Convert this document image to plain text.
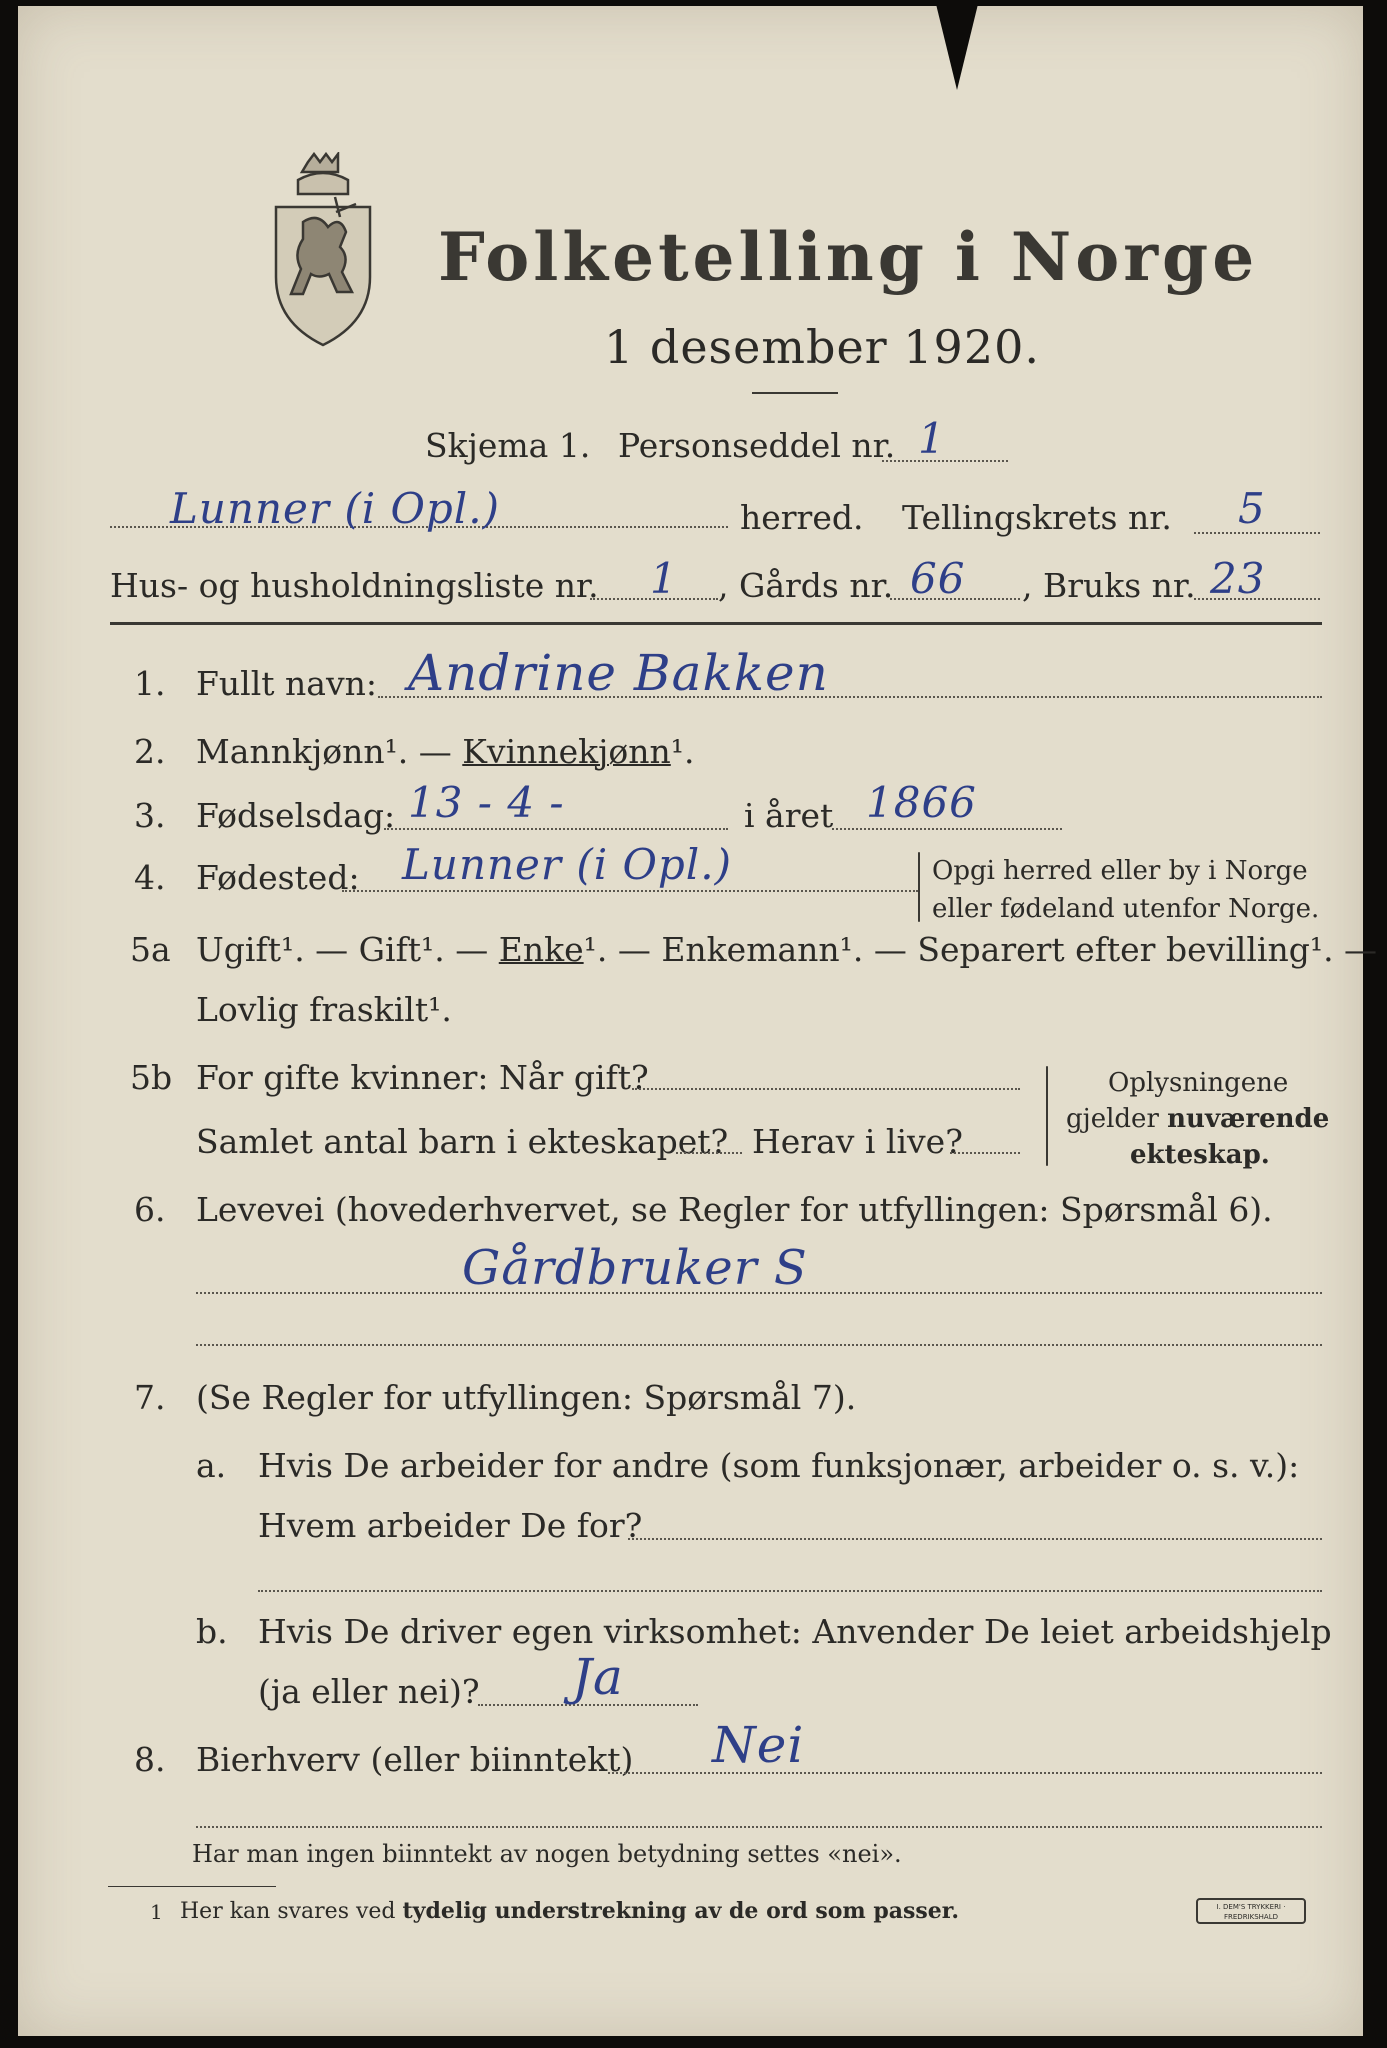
Folketelling i Norge
1 desember 1920.
Skjema 1. Personseddel nr. 1
Lunner (i Opl.)	herred. Tellingskrets nr. 5
Hus- og husholdningsliste nr. 1 , Gårds nr. 66 , Bruks nr. 23
1. Fullt navn: Andrine Bakken
2. Mannkjønn¹. — Kvinnekjønn¹.
3. Fødselsdag: 13 - 4 -	i året 1866
4. Fødested: Lunner (i Opl.)	Opgi herred eller by i Norge
eller fødeland utenfor Norge.
5a Ugift¹. — Gift¹. — Enke¹. — Enkemann¹. — Separert efter bevilling¹. —
Lovlig fraskilt¹.
5b For gifte kvinner: Når gift?
Samlet antal barn i ekteskapet? Herav i live?
Oplysningene
gjelder nuværende
ekteskap.
6. Levevei (hovederhvervet, se Regler for utfyllingen: Spørsmål 6).
Gårdbruker S
7. (Se Regler for utfyllingen: Spørsmål 7).
a. Hvis De arbeider for andre (som funksjonær, arbeider o. s. v.):
Hvem arbeider De for?
b. Hvis De driver egen virksomhet: Anvender De leiet arbeidshjelp
(ja eller nei)? Ja
8. Bierhverv (eller biinntekt) Nei
Har man ingen biinntekt av nogen betydning settes «nei».
1 Her kan svares ved tydelig understrekning av de ord som passer.	I. DEM'S TRYKKERI · FREDRIKSHALD
